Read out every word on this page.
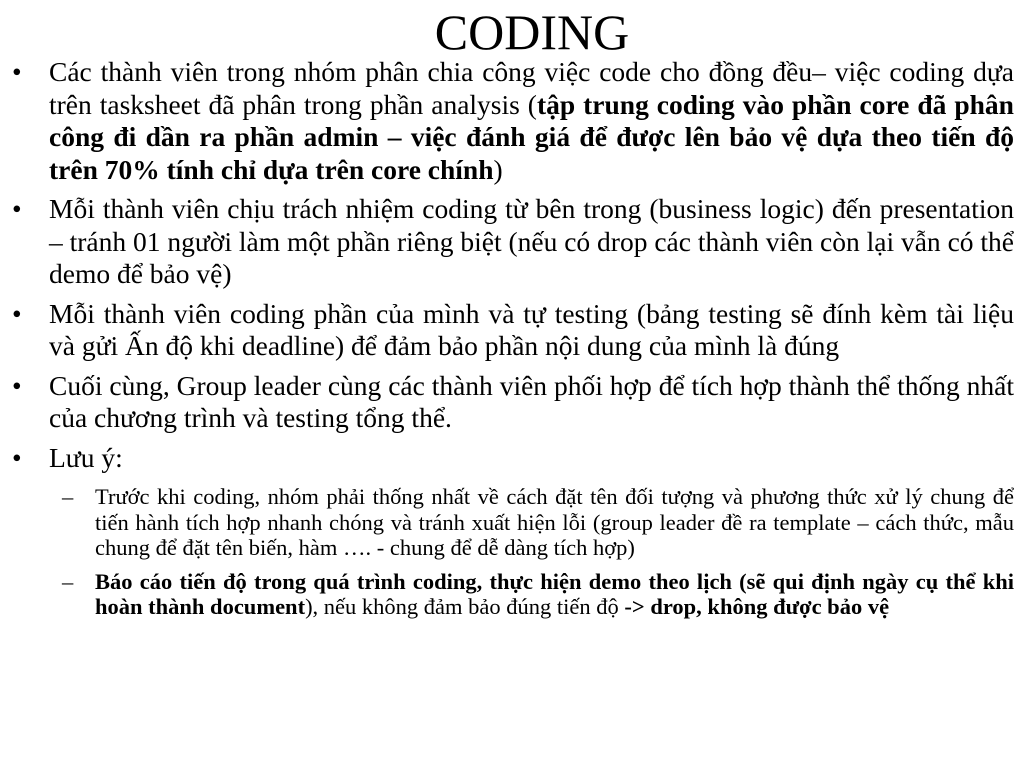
CODING
• Các thành viên trong nhóm phân chia công việc code cho đồng đều– việc coding dựa trên tasksheet đã phân trong phần analysis (tập trung coding vào phần core đã phân công đi dần ra phần admin – việc đánh giá để được lên bảo vệ dựa theo tiến độ trên 70% tính chỉ dựa trên core chính)
• Mỗi thành viên chịu trách nhiệm coding từ bên trong (business logic) đến presentation – tránh 01 người làm một phần riêng biệt (nếu có drop các thành viên còn lại vẫn có thể demo để bảo vệ)
• Mỗi thành viên coding phần của mình và tự testing (bảng testing sẽ đính kèm tài liệu và gửi Ấn độ khi deadline) để đảm bảo phần nội dung của mình là đúng
• Cuối cùng, Group leader cùng các thành viên phối hợp để tích hợp thành thể thống nhất của chương trình và testing tổng thể.
• Lưu ý:
– Trước khi coding, nhóm phải thống nhất về cách đặt tên đối tượng và phương thức xử lý chung để tiến hành tích hợp nhanh chóng và tránh xuất hiện lỗi (group leader đề ra template – cách thức, mẫu chung để đặt tên biến, hàm …. - chung để dễ dàng tích hợp)
– Báo cáo tiến độ trong quá trình coding, thực hiện demo theo lịch (sẽ qui định ngày cụ thể khi hoàn thành document), nếu không đảm bảo đúng tiến độ -> drop, không được bảo vệ
